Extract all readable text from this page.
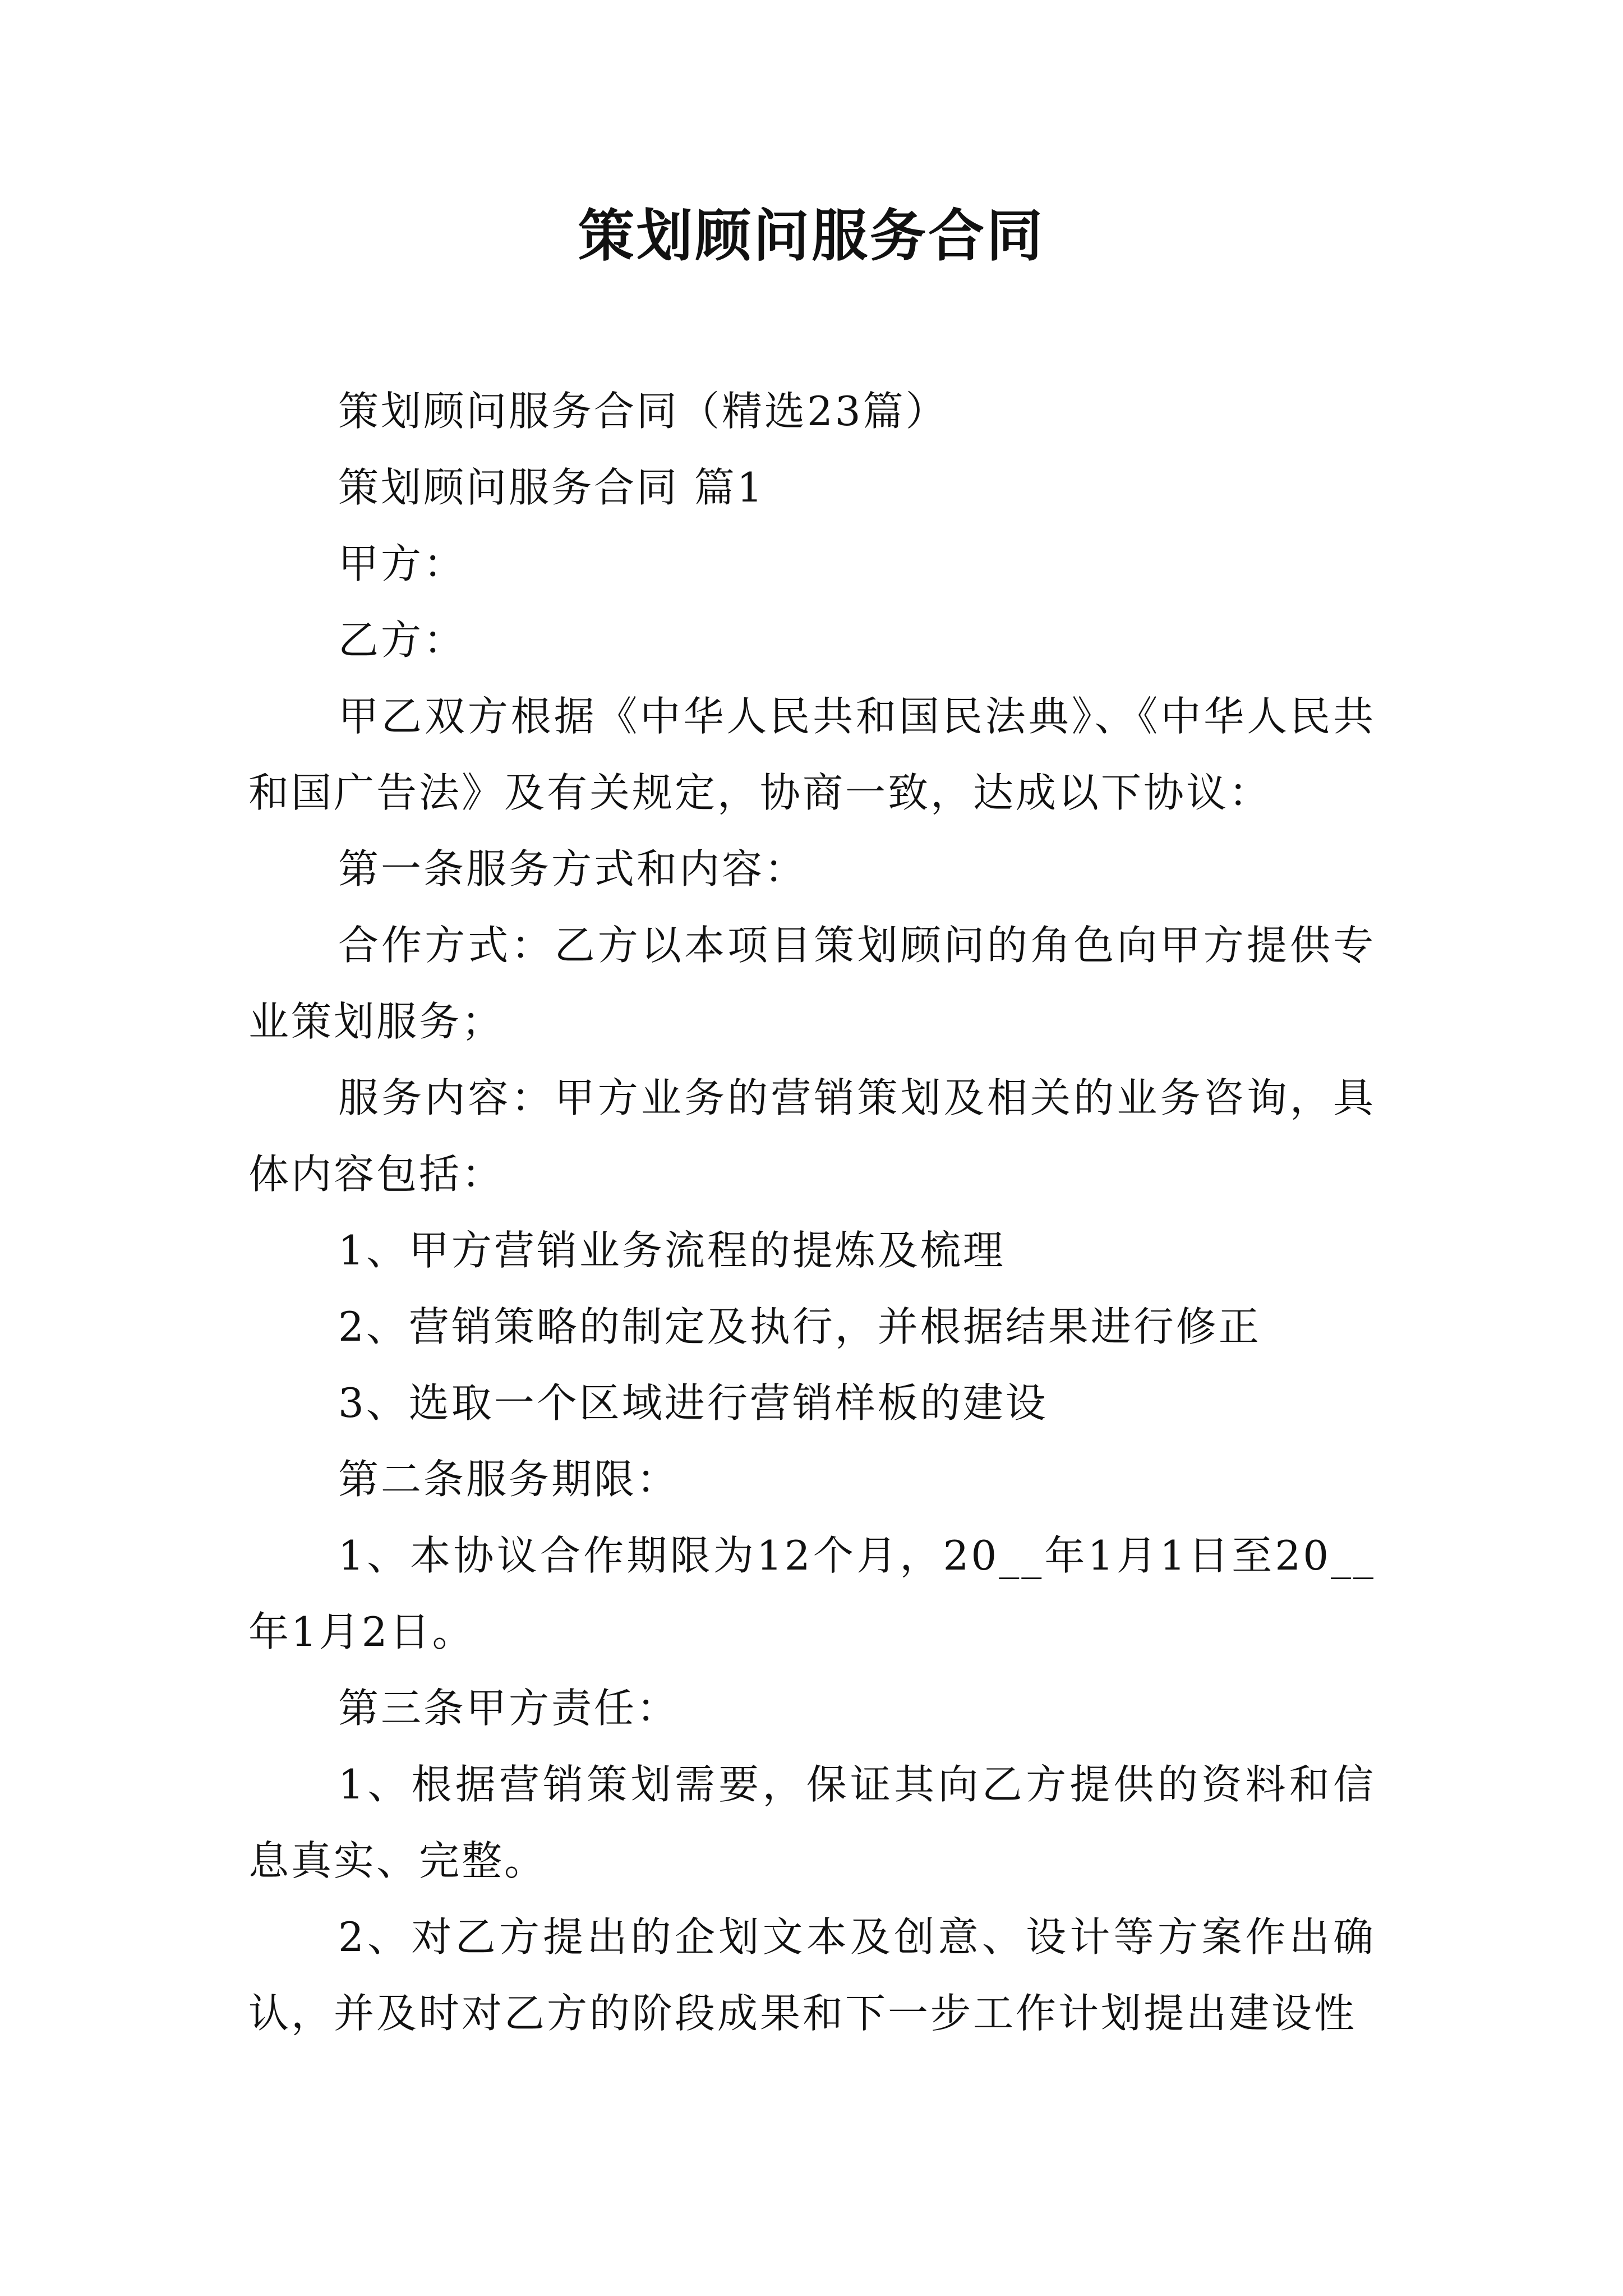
策划顾问服务合同

策划顾问服务合同（精选23篇）

策划顾问服务合同 篇1

甲方：

乙方：

甲乙双方根据《中华人民共和国民法典》、《中华人民共和国广告法》及有关规定，协商一致，达成以下协议：

第一条服务方式和内容：

合作方式：乙方以本项目策划顾问的角色向甲方提供专业策划服务；

服务内容：甲方业务的营销策划及相关的业务咨询，具体内容包括：

1、甲方营销业务流程的提炼及梳理

2、营销策略的制定及执行，并根据结果进行修正

3、选取一个区域进行营销样板的建设

第二条服务期限：

1、本协议合作期限为12个月，20__年1月1日至20__年1月2日。

第三条甲方责任：

1、根据营销策划需要，保证其向乙方提供的资料和信息真实、完整。

2、对乙方提出的企划文本及创意、设计等方案作出确认，并及时对乙方的阶段成果和下一步工作计划提出建设性
